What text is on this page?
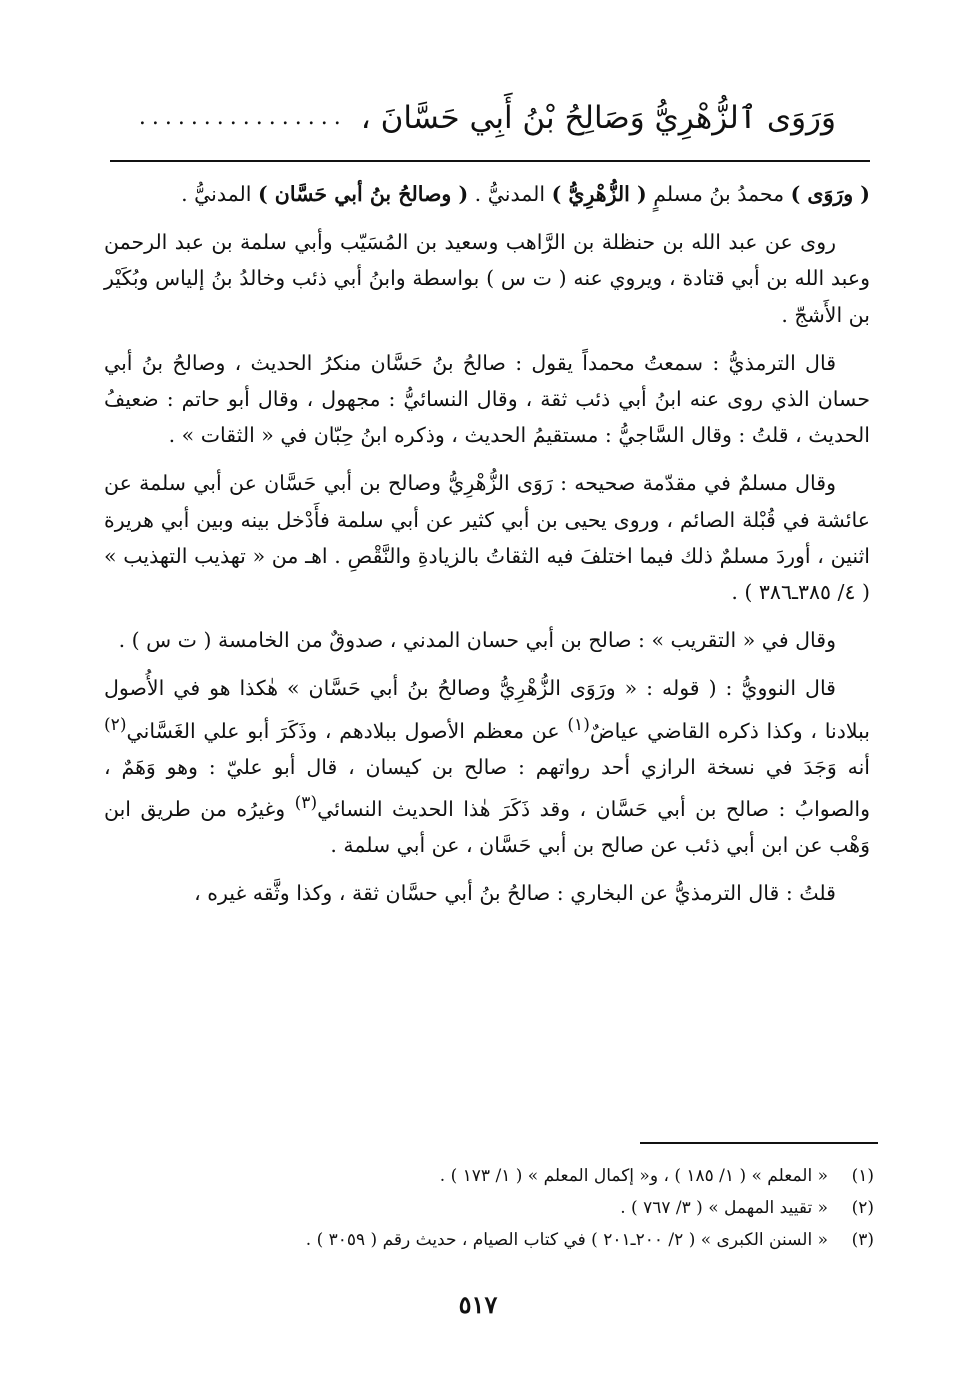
وَرَوَى ٱلزُّهْرِيُّ وَصَالِحُ بْنُ أَبِي حَسَّانَ ،
................

( ورَوَى ) محمدُ بنُ مسلمٍ ( الزُّهْرِيُّ ) المدنيُّ . ( وصالحُ بنُ أبي حَسَّان ) المدنيُّ .

روى عن عبد الله بن حنظلة بن الرَّاهب وسعيد بن المُسَيّب وأبي سلمة بن عبد الرحمن وعبد الله بن أبي قتادة ، ويروي عنه ( ت س ) بواسطة وابنُ أبي ذئب وخالدُ بنُ إلياس وبُكَيْر بن الأَشجّ .

قال الترمذيُّ : سمعتُ محمداً يقول : صالحُ بنُ حَسَّان منكرُ الحديث ، وصالحُ بنُ أبي حسان الذي روى عنه ابنُ أبي ذئب ثقة ، وقال النسائيُّ : مجهول ، وقال أبو حاتم : ضعيفُ الحديث ، قلتُ : وقال السَّاجيُّ : مستقيمُ الحديث ، وذكره ابنُ حِبّان في « الثقات » .

وقال مسلمٌ في مقدّمة صحيحه : رَوَى الزُّهْرِيُّ وصالح بن أبي حَسَّان عن أبي سلمة عن عائشة في قُبْلة الصائم ، وروى يحيى بن أبي كثير عن أبي سلمة فأَدْخل بينه وبين أبي هريرة اثنين ، أوردَ مسلمٌ ذلك فيما اختلفَ فيه الثقاتُ بالزيادةِ والنَّقْصِ . اهـ من « تهذيب التهذيب » ( ٤/ ٣٨٥ـ٣٨٦ ) .

وقال في « التقريب » : صالح بن أبي حسان المدني ، صدوقٌ من الخامسة ( ت س ) .

قال النوويُّ : ( قوله : « ورَوَى الزُّهْرِيُّ وصالحُ بنُ أبي حَسَّان » هٰكذا هو في الأُصول ببلادنا ، وكذا ذكره القاضي عياضٌ$^{(١)}$ عن معظم الأصول ببلادهم ، وذَكَرَ أبو علي الغَسَّاني$^{(٢)}$ أنه وَجَدَ في نسخة الرازي أحد رواتهم : صالح بن كيسان ، قال أبو عليّ : وهو وَهَمٌ ، والصوابُ : صالح بن أبي حَسَّان ، وقد ذَكَرَ هٰذا الحديث النسائي$^{(٣)}$ وغيرُه من طريق ابن وَهْب عن ابن أبي ذئب عن صالح بن أبي حَسَّان ، عن أبي سلمة .

قلتُ : قال الترمذيُّ عن البخاري : صالحُ بنُ أبي حسَّان ثقة ، وكذا وثَّقه غيره ،

(١)
« المعلم » ( ١/ ١٨٥ ) ، و« إكمال المعلم » ( ١/ ١٧٣ ) .
(٢)
« تقييد المهمل » ( ٣/ ٧٦٧ ) .
(٣)
« السنن الكبرى » ( ٢/ ٢٠٠ـ٢٠١ ) في كتاب الصيام ، حديث رقم ( ٣٠٥٩ ) .
٥١٧
